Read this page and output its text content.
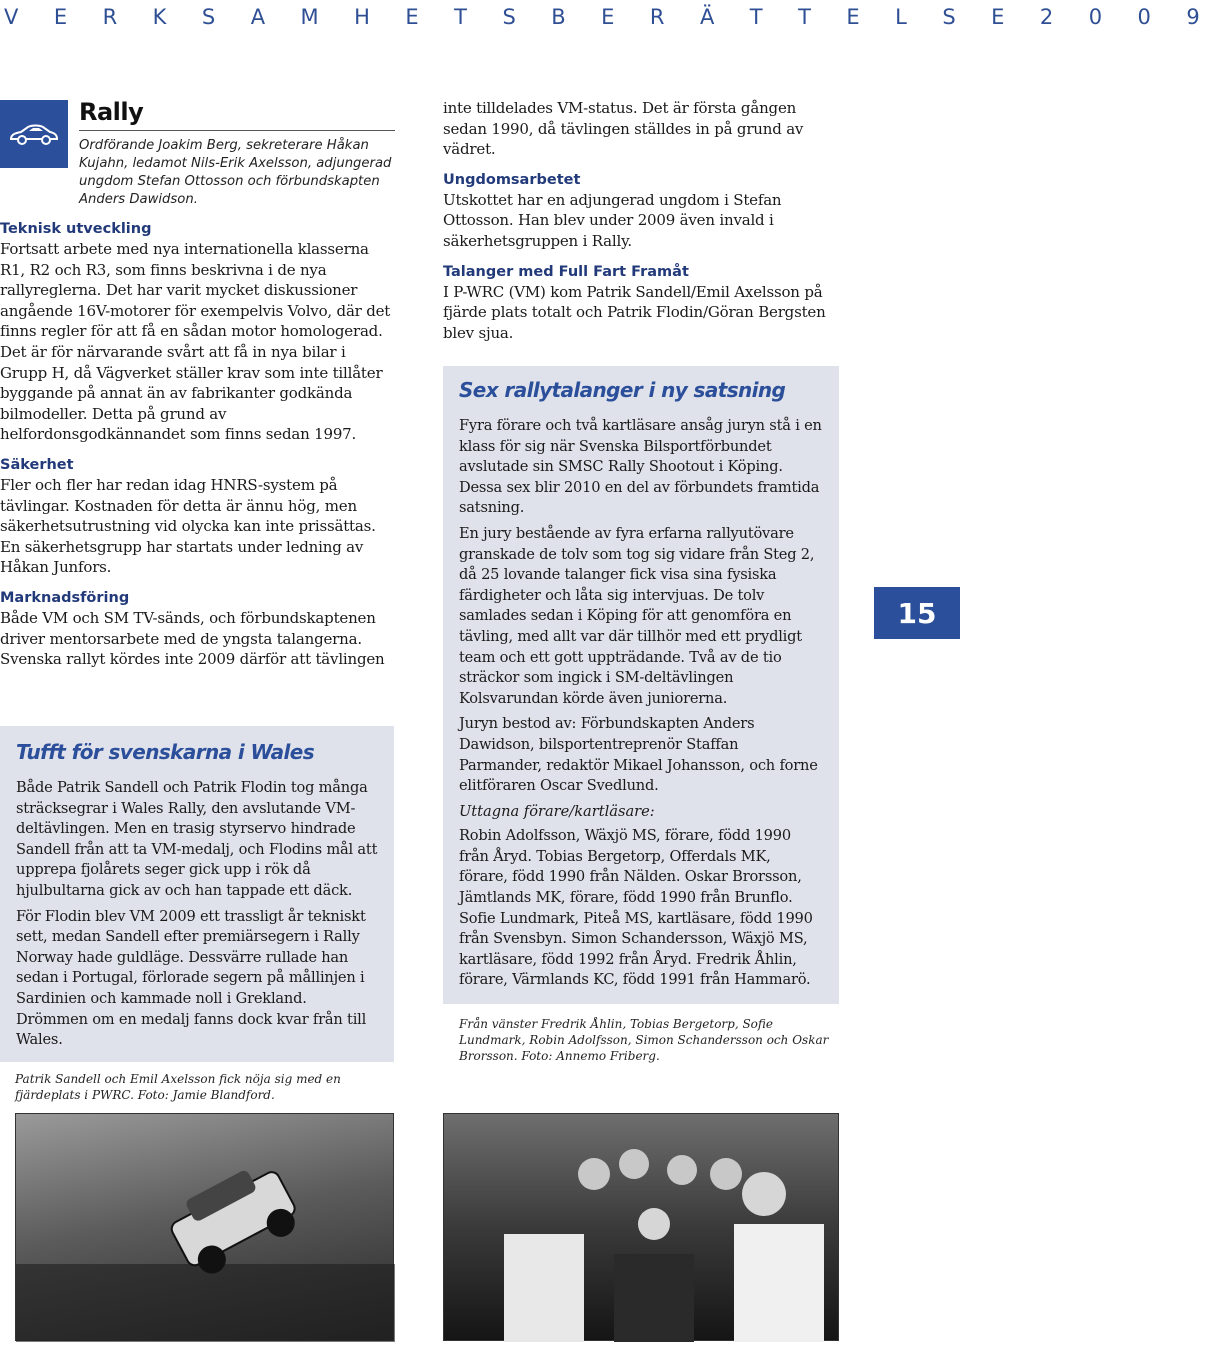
V E R K S A M H E T S B E R Ä T T E L S E 2 0 0 9
Rally
Ordförande Joakim Berg, sekreterare Håkan Kujahn, ledamot Nils-Erik Axelsson, adjungerad ungdom Stefan Ottosson och förbundskapten Anders Dawidson.
Teknisk utveckling

Fortsatt arbete med nya internationella klasserna R1, R2 och R3, som finns beskrivna i de nya rallyreglerna. Det har varit mycket diskussioner angående 16V-motorer för exempelvis Volvo, där det finns regler för att få en sådan motor homologerad. Det är för närvarande svårt att få in nya bilar i Grupp H, då Vägverket ställer krav som inte tillåter byggande på annat än av fabrikanter godkända bilmodeller. Detta på grund av helfordonsgodkännandet som finns sedan 1997.

Säkerhet

Fler och fler har redan idag HNRS-system på tävlingar. Kostnaden för detta är ännu hög, men säkerhetsutrustning vid olycka kan inte prissättas. En säkerhetsgrupp har startats under ledning av Håkan Junfors.

Marknadsföring

Både VM och SM TV-sänds, och förbundskaptenen driver mentorsarbete med de yngsta talangerna. Svenska rallyt kördes inte 2009 därför att tävlingen

inte tilldelades VM-status. Det är första gången sedan 1990, då tävlingen ställdes in på grund av vädret.

Ungdomsarbetet

Utskottet har en adjungerad ungdom i Stefan Ottosson. Han blev under 2009 även invald i säkerhetsgruppen i Rally.

Talanger med Full Fart Framåt

I P-WRC (VM) kom Patrik Sandell/Emil Axelsson på fjärde plats totalt och Patrik Flodin/Göran Bergsten blev sjua.

Tufft för svenskarna i Wales

Både Patrik Sandell och Patrik Flodin tog många sträcksegrar i Wales Rally, den avslutande VM-deltävlingen. Men en trasig styrservo hindrade Sandell från att ta VM-medalj, och Flodins mål att upprepa fjolårets seger gick upp i rök då hjulbultarna gick av och han tappade ett däck.

För Flodin blev VM 2009 ett trassligt år tekniskt sett, medan Sandell efter premiärsegern i Rally Norway hade guldläge. Dessvärre rullade han sedan i Portugal, förlorade segern på mållinjen i Sardinien och kammade noll i Grekland. Drömmen om en medalj fanns dock kvar från till Wales.

Sex rallytalanger i ny satsning

Fyra förare och två kartläsare ansåg juryn stå i en klass för sig när Svenska Bilsportförbundet avslutade sin SMSC Rally Shootout i Köping. Dessa sex blir 2010 en del av förbundets framtida satsning.

En jury bestående av fyra erfarna rallyutövare granskade de tolv som tog sig vidare från Steg 2, då 25 lovande talanger fick visa sina fysiska färdigheter och låta sig intervjuas. De tolv samlades sedan i Köping för att genomföra en tävling, med allt var där tillhör med ett prydligt team och ett gott uppträdande. Två av de tio sträckor som ingick i SM-deltävlingen Kolsvarundan körde även juniorerna.

Juryn bestod av: Förbundskapten Anders Dawidson, bilsportentreprenör Staffan Parmander, redaktör Mikael Johansson, och forne elitföraren Oscar Svedlund.

Uttagna förare/kartläsare:

Robin Adolfsson, Wäxjö MS, förare, född 1990 från Åryd. Tobias Bergetorp, Offerdals MK, förare, född 1990 från Nälden. Oskar Brorsson, Jämtlands MK, förare, född 1990 från Brunflo. Sofie Lundmark, Piteå MS, kartläsare, född 1990 från Svensbyn. Simon Schandersson, Wäxjö MS, kartläsare, född 1992 från Åryd. Fredrik Åhlin, förare, Värmlands KC, född 1991 från Hammarö.

Patrik Sandell och Emil Axelsson fick nöja sig med en fjärdeplats i PWRC. Foto: Jamie Blandford.
Från vänster Fredrik Åhlin, Tobias Bergetorp, Sofie Lundmark, Robin Adolfsson, Simon Schandersson och Oskar Brorsson. Foto: Annemo Friberg.
15
